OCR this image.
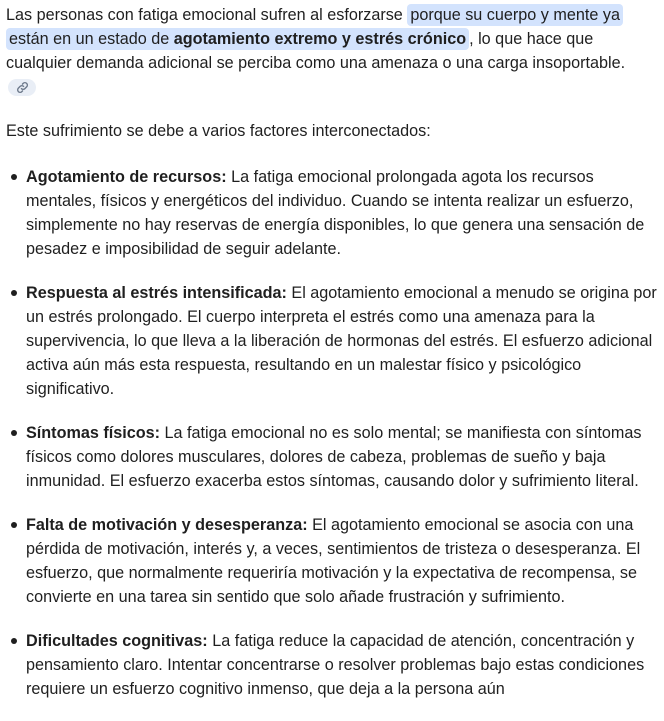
Las personas con fatiga emocional sufren al esforzarse porque su cuerpo y mente ya están en un estado de agotamiento extremo y estrés crónico , lo que hace que cualquier demanda adicional se perciba como una amenaza o una carga insoportable.

Este sufrimiento se debe a varios factores interconectados:

Agotamiento de recursos: La fatiga emocional prolongada agota los recursos mentales, físicos y energéticos del individuo. Cuando se intenta realizar un esfuerzo, simplemente no hay reservas de energía disponibles, lo que genera una sensación de pesadez e imposibilidad de seguir adelante.
Respuesta al estrés intensificada: El agotamiento emocional a menudo se origina por un estrés prolongado. El cuerpo interpreta el estrés como una amenaza para la supervivencia, lo que lleva a la liberación de hormonas del estrés. El esfuerzo adicional activa aún más esta respuesta, resultando en un malestar físico y psicológico significativo.
Síntomas físicos: La fatiga emocional no es solo mental; se manifiesta con síntomas físicos como dolores musculares, dolores de cabeza, problemas de sueño y baja inmunidad. El esfuerzo exacerba estos síntomas, causando dolor y sufrimiento literal.
Falta de motivación y desesperanza: El agotamiento emocional se asocia con una pérdida de motivación, interés y, a veces, sentimientos de tristeza o desesperanza. El esfuerzo, que normalmente requeriría motivación y la expectativa de recompensa, se convierte en una tarea sin sentido que solo añade frustración y sufrimiento.
Dificultades cognitivas: La fatiga reduce la capacidad de atención, concentración y pensamiento claro. Intentar concentrarse o resolver problemas bajo estas condiciones requiere un esfuerzo cognitivo inmenso, que deja a la persona aún
